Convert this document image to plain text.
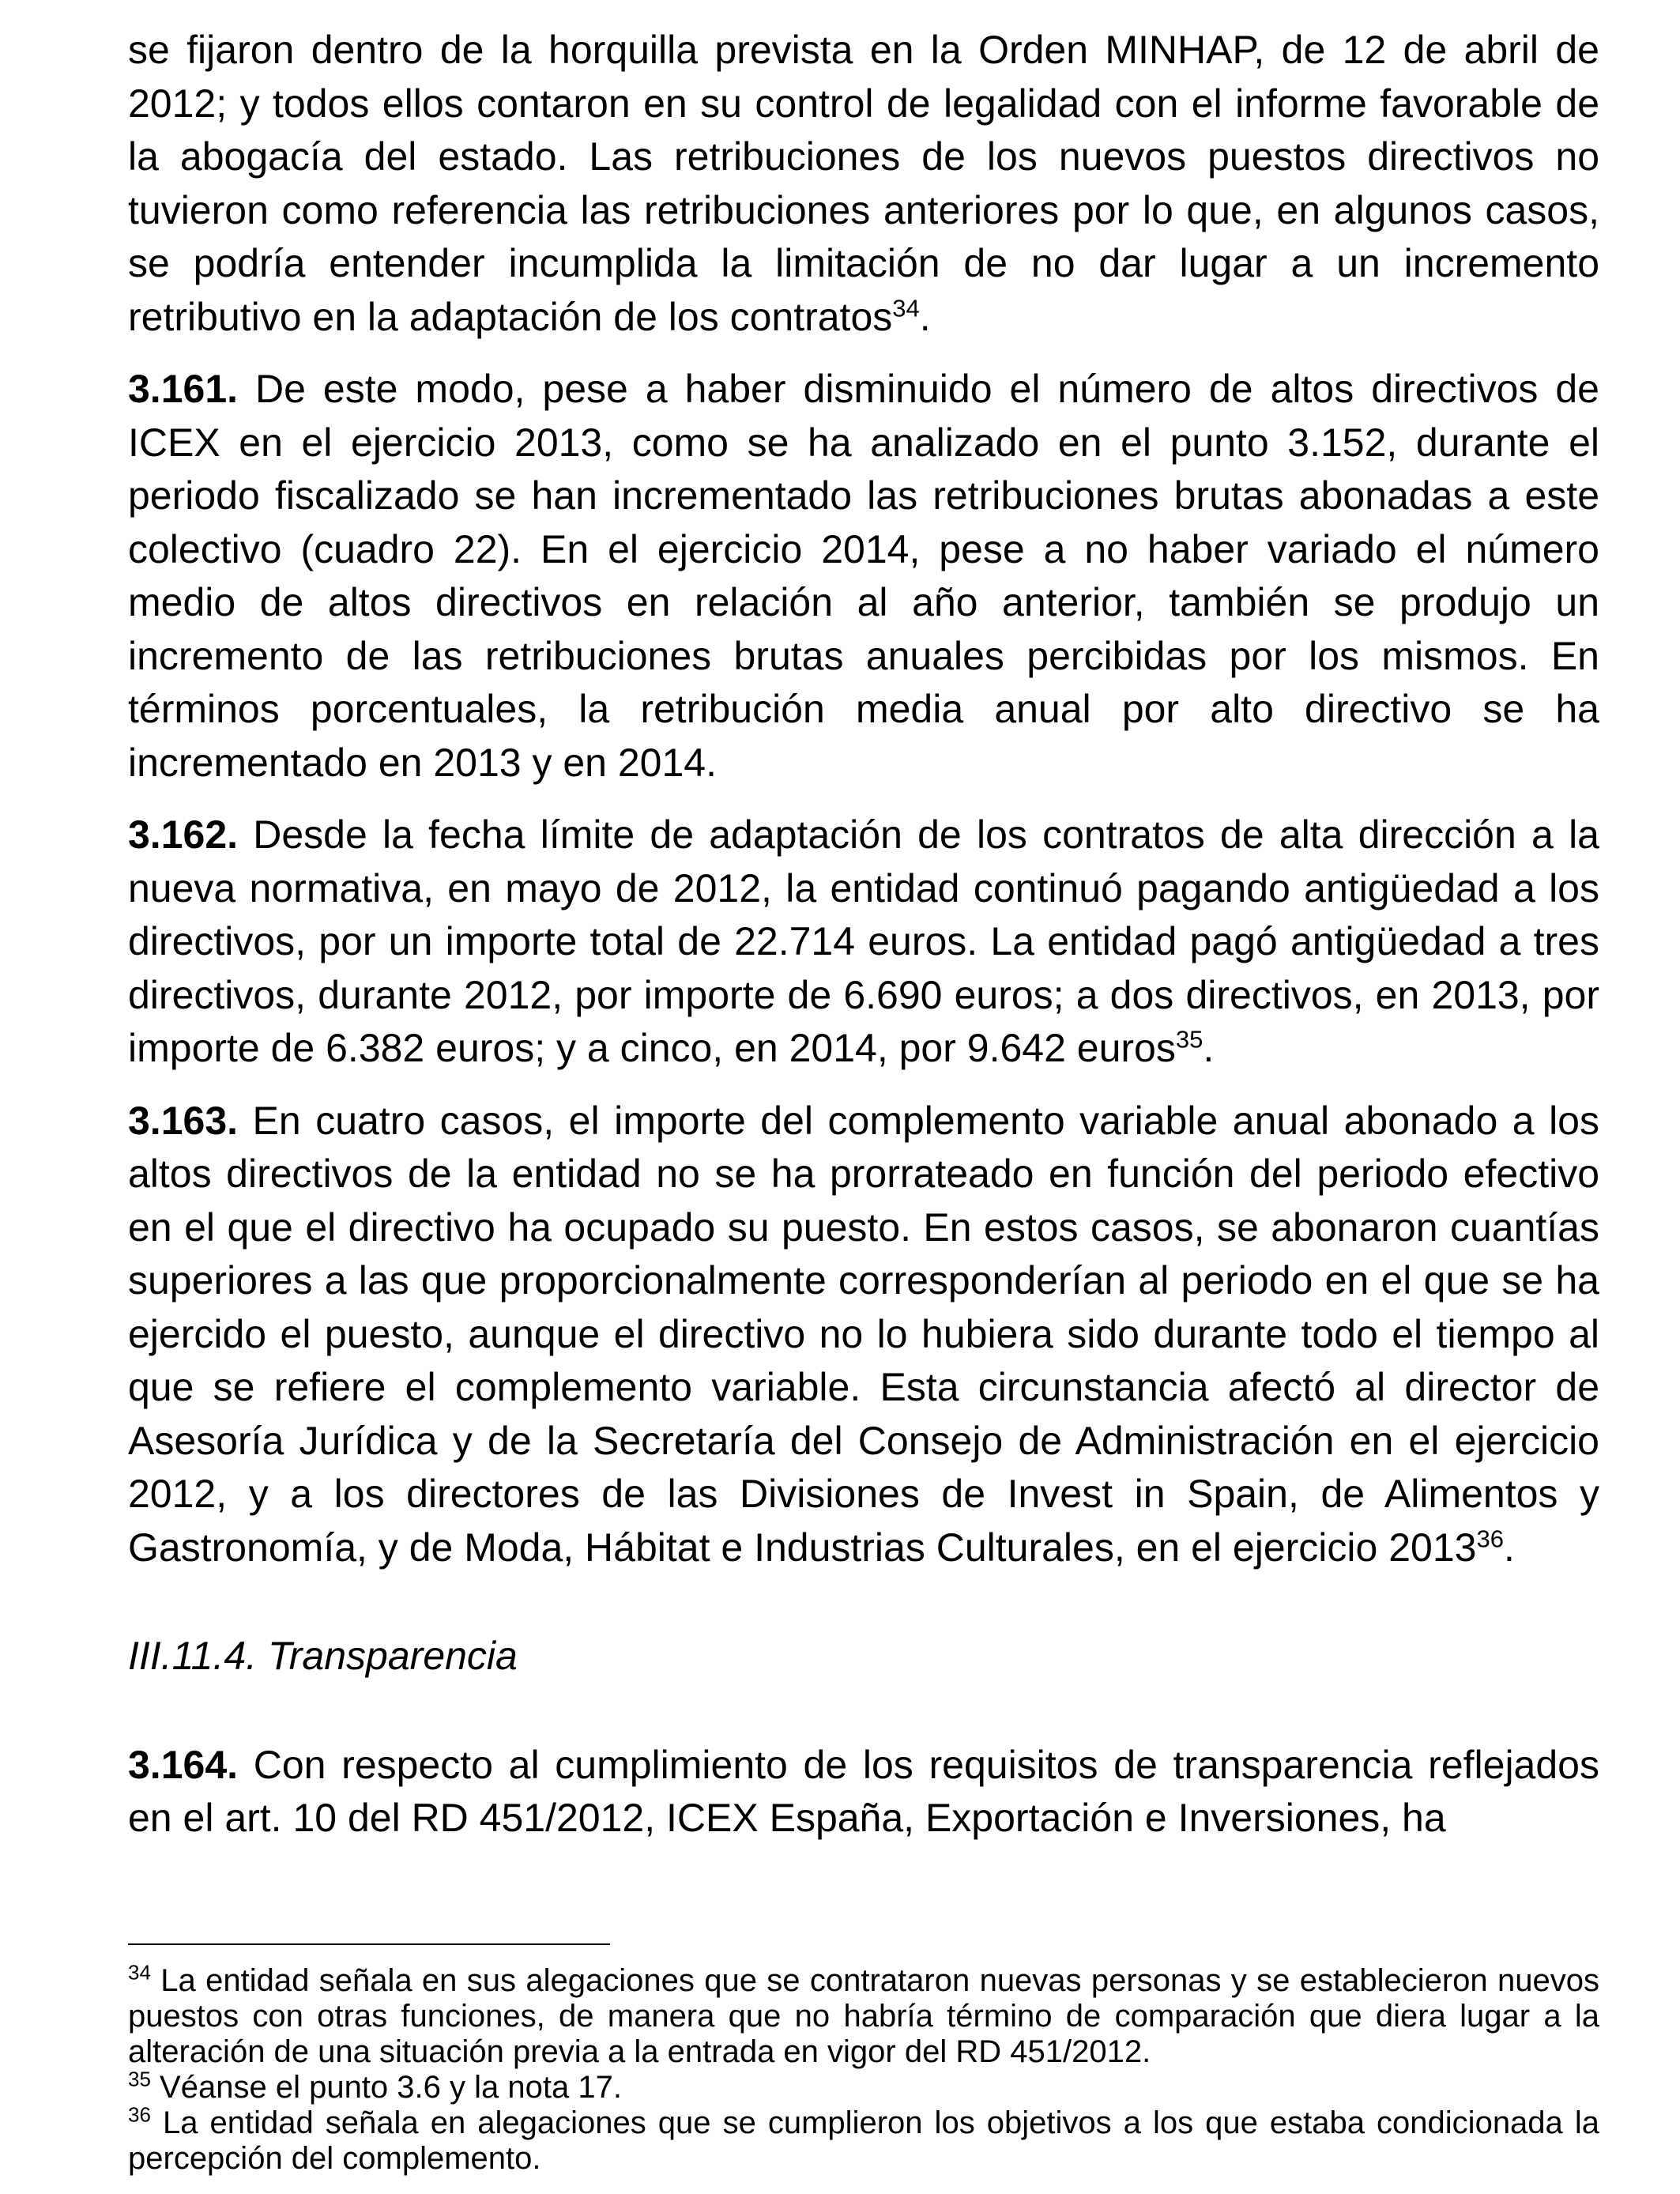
se fijaron dentro de la horquilla prevista en la Orden MINHAP, de 12 de abril de 2012; y todos ellos contaron en su control de legalidad con el informe favorable de la abogacía del estado. Las retribuciones de los nuevos puestos directivos no tuvieron como referencia las retribuciones anteriores por lo que, en algunos casos, se podría entender incumplida la limitación de no dar lugar a un incremento retributivo en la adaptación de los contratos$^{34}$.

3.161. De este modo, pese a haber disminuido el número de altos directivos de ICEX en el ejercicio 2013, como se ha analizado en el punto 3.152, durante el periodo fiscalizado se han incrementado las retribuciones brutas abonadas a este colectivo (cuadro 22). En el ejercicio 2014, pese a no haber variado el número medio de altos directivos en relación al año anterior, también se produjo un incremento de las retribuciones brutas anuales percibidas por los mismos. En términos porcentuales, la retribución media anual por alto directivo se ha incrementado en 2013 y en 2014.

3.162. Desde la fecha límite de adaptación de los contratos de alta dirección a la nueva normativa, en mayo de 2012, la entidad continuó pagando antigüedad a los directivos, por un importe total de 22.714 euros. La entidad pagó antigüedad a tres directivos, durante 2012, por importe de 6.690 euros; a dos directivos, en 2013, por importe de 6.382 euros; y a cinco, en 2014, por 9.642 euros$^{35}$.

3.163. En cuatro casos, el importe del complemento variable anual abonado a los altos directivos de la entidad no se ha prorrateado en función del periodo efectivo en el que el directivo ha ocupado su puesto. En estos casos, se abonaron cuantías superiores a las que proporcionalmente corresponderían al periodo en el que se ha ejercido el puesto, aunque el directivo no lo hubiera sido durante todo el tiempo al que se refiere el complemento variable. Esta circunstancia afectó al director de Asesoría Jurídica y de la Secretaría del Consejo de Administración en el ejercicio 2012, y a los directores de las Divisiones de Invest in Spain, de Alimentos y Gastronomía, y de Moda, Hábitat e Industrias Culturales, en el ejercicio 2013$^{36}$.

III.11.4. Transparencia

3.164. Con respecto al cumplimiento de los requisitos de transparencia reflejados en el art. 10 del RD 451/2012, ICEX España, Exportación e Inversiones, ha

$^{34}$ La entidad señala en sus alegaciones que se contrataron nuevas personas y se establecieron nuevos puestos con otras funciones, de manera que no habría término de comparación que diera lugar a la alteración de una situación previa a la entrada en vigor del RD 451/2012.

$^{35}$ Véanse el punto 3.6 y la nota 17.

$^{36}$ La entidad señala en alegaciones que se cumplieron los objetivos a los que estaba condicionada la percepción del complemento.
